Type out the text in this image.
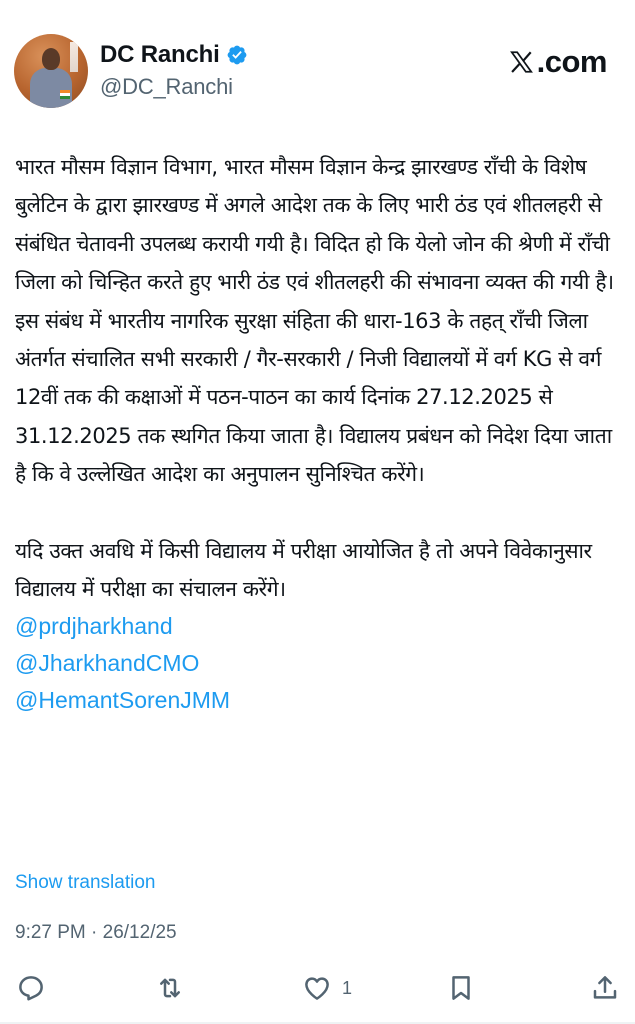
DC Ranchi
@DC_Ranchi
.com

भारत मौसम विज्ञान विभाग, भारत मौसम विज्ञान केन्द्र झारखण्ड राँची के विशेष बुलेटिन के द्वारा झारखण्ड में अगले आदेश तक के लिए भारी ठंड एवं शीतलहरी से संबंधित चेतावनी उपलब्ध करायी गयी है। विदित हो कि येलो जोन की श्रेणी में राँची जिला को चिन्हित करते हुए भारी ठंड एवं शीतलहरी की संभावना व्यक्त की गयी है। इस संबंध में भारतीय नागरिक सुरक्षा संहिता की धारा-163 के तहत् राँची जिला अंतर्गत संचालित सभी सरकारी / गैर-सरकारी / निजी विद्यालयों में वर्ग KG से वर्ग 12वीं तक की कक्षाओं में पठन-पाठन का कार्य दिनांक 27.12.2025 से 31.12.2025 तक स्थगित किया जाता है। विद्यालय प्रबंधन को निदेश दिया जाता है कि वे उल्लेखित आदेश का अनुपालन सुनिश्चित करेंगे।

यदि उक्त अवधि में किसी विद्यालय में परीक्षा आयोजित है तो अपने विवेकानुसार विद्यालय में परीक्षा का संचालन करेंगे।

@prdjharkhand
@JharkhandCMO
@HemantSorenJMM
Show translation
9:27 PM · 26/12/25
1
